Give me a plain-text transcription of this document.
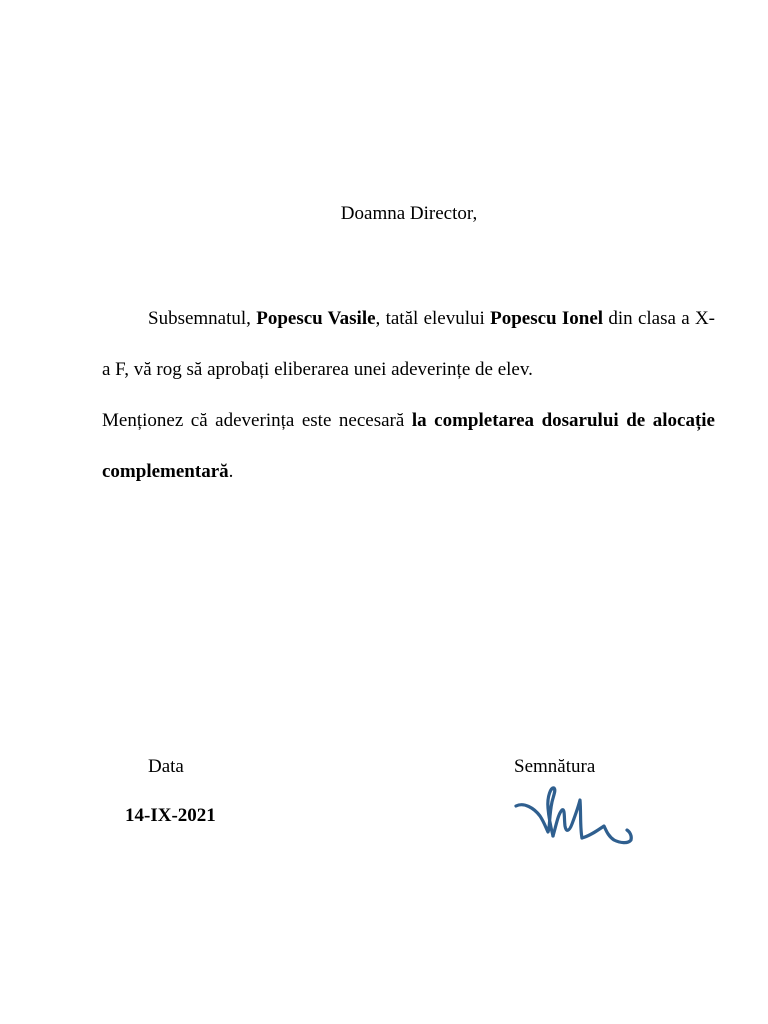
Doamna Director,

Subsemnatul, Popescu Vasile, tatăl elevului Popescu Ionel din clasa a X-a F, vă rog să aprobați eliberarea unei adeverințe de elev.

Menționez că adeverința este necesară la completarea dosarului de alocație complementară.

Data
14-IX-2021
Semnătura
